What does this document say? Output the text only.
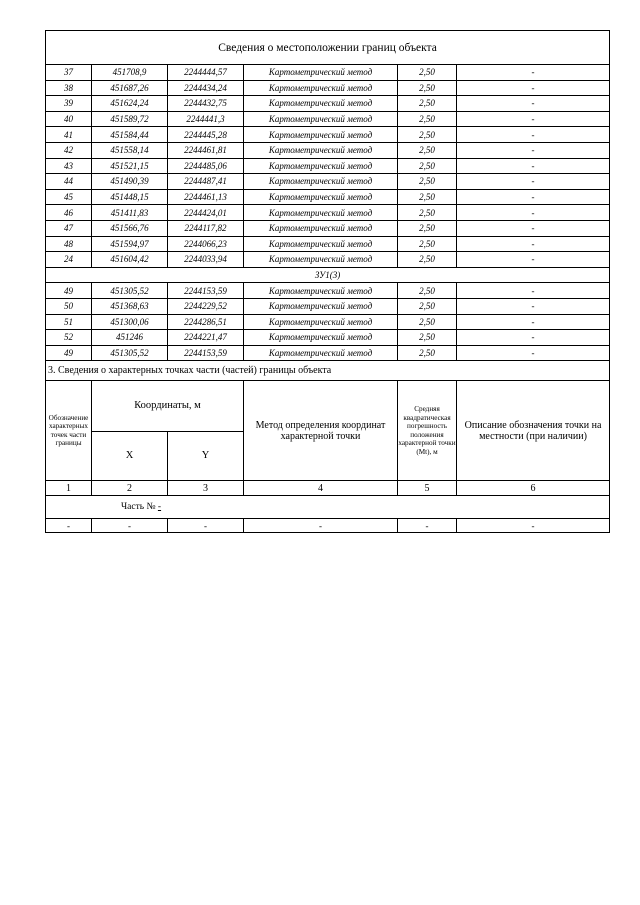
Сведения о местоположении границ объекта					
37	451708,9	2244444,57	Картометрический метод	2,50	-
38	451687,26	2244434,24	Картометрический метод	2,50	-
39	451624,24	2244432,75	Картометрический метод	2,50	-
40	451589,72	2244441,3	Картометрический метод	2,50	-
41	451584,44	2244445,28	Картометрический метод	2,50	-
42	451558,14	2244461,81	Картометрический метод	2,50	-
43	451521,15	2244485,06	Картометрический метод	2,50	-
44	451490,39	2244487,41	Картометрический метод	2,50	-
45	451448,15	2244461,13	Картометрический метод	2,50	-
46	451411,83	2244424,01	Картометрический метод	2,50	-
47	451566,76	2244117,82	Картометрический метод	2,50	-
48	451594,97	2244066,23	Картометрический метод	2,50	-
24	451604,42	2244033,94	Картометрический метод	2,50	-
ЗУ1(3)					
49	451305,52	2244153,59	Картометрический метод	2,50	-
50	451368,63	2244229,52	Картометрический метод	2,50	-
51	451300,06	2244286,51	Картометрический метод	2,50	-
52	451246	2244221,47	Картометрический метод	2,50	-
49	451305,52	2244153,59	Картометрический метод	2,50	-
3. Сведения о характерных точках части (частей) границы объекта					
Обозначение характерных точек части границы	Координаты, м		Метод определения координат характерной точки	Средняя квадратическая погрешность положения характерной точки (Mt), м	Описание обозначения точки на местности (при наличии)
	X	Y			
1	2	3	4	5	6
Часть № -					
-	-	-	-	-	-
